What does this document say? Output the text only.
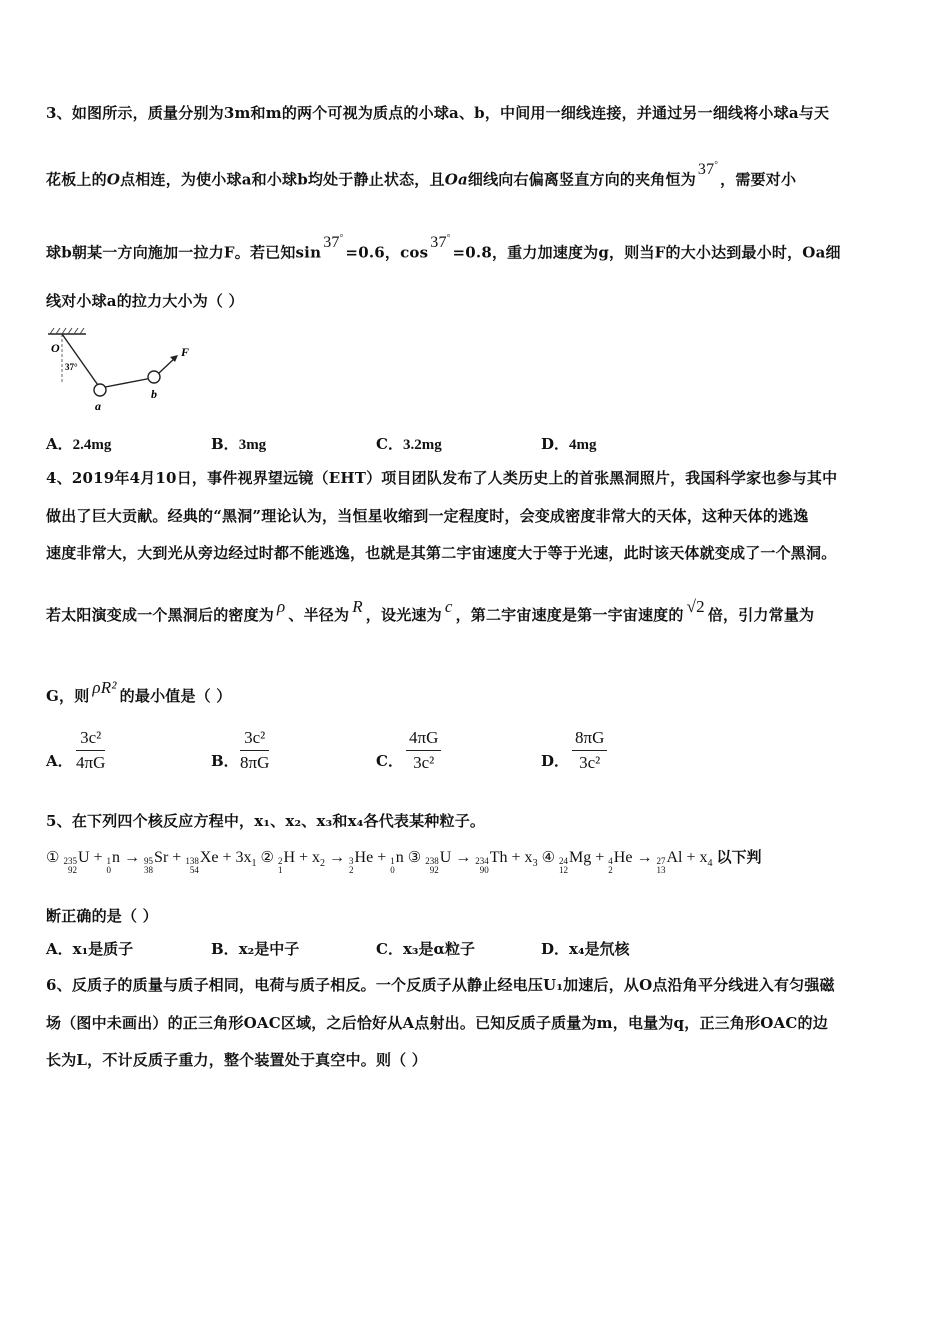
3、如图所示，质量分别为3m和m的两个可视为质点的小球a、b，中间用一细线连接，并通过另一细线将小球a与天
花板上的O点相连，为使小球a和小球b均处于静止状态，且Oa细线向右偏离竖直方向的夹角恒为37°，需要对小
球b朝某一方向施加一拉力F。若已知sin37°=0.6，cos37°=0.8，重力加速度为g，则当F的大小达到最小时，Oa细
线对小球a的拉力大小为（ ）
O
37°
a
b
F
A．2.4mg	B．3mg	C．3.2mg	D．4mg
4、2019年4月10日，事件视界望远镜（EHT）项目团队发布了人类历史上的首张黑洞照片，我国科学家也参与其中
做出了巨大贡献。经典的“黑洞”理论认为，当恒星收缩到一定程度时，会变成密度非常大的天体，这种天体的逃逸
速度非常大，大到光从旁边经过时都不能逃逸，也就是其第二宇宙速度大于等于光速，此时该天体就变成了一个黑洞。
若太阳演变成一个黑洞后的密度为 ρ 、半径为 R ，设光速为 c ，第二宇宙速度是第一宇宙速度的 √2 倍，引力常量为
G，则 ρR² 的最小值是（ ）
A． $\frac{\text{3c²}}{4\pi G}$	B． $\frac{\text{3c²}}{8\pi G}$	C． $\frac{4\pi G}{\text{3c²}}$	D． $\frac{8\pi G}{\text{3c²}}$
5、在下列四个核反应方程中，x₁、x₂、x₃和x₄各代表某种粒子。
① 235
92
U + 1
0
n → 95
38
Sr + 138
54
$Xe + 3x_1$ ② 2
1
$H + x_2 \to 3$
2
He + 1
0
n ③ 238
92
U → 234
90
$Th + x_3$ ④ 24
12
Mg + 4
2
He → 27
13
$Al + x_4$ 以下判
断正确的是（ ）
A．x₁是质子	B．x₂是中子	C．x₃是α粒子	D．x₄是氘核
6、反质子的质量与质子相同，电荷与质子相反。一个反质子从静止经电压U₁加速后，从O点沿角平分线进入有匀强磁
场（图中未画出）的正三角形OAC区域，之后恰好从A点射出。已知反质子质量为m，电量为q，正三角形OAC的边
长为L，不计反质子重力，整个装置处于真空中。则（ ）
